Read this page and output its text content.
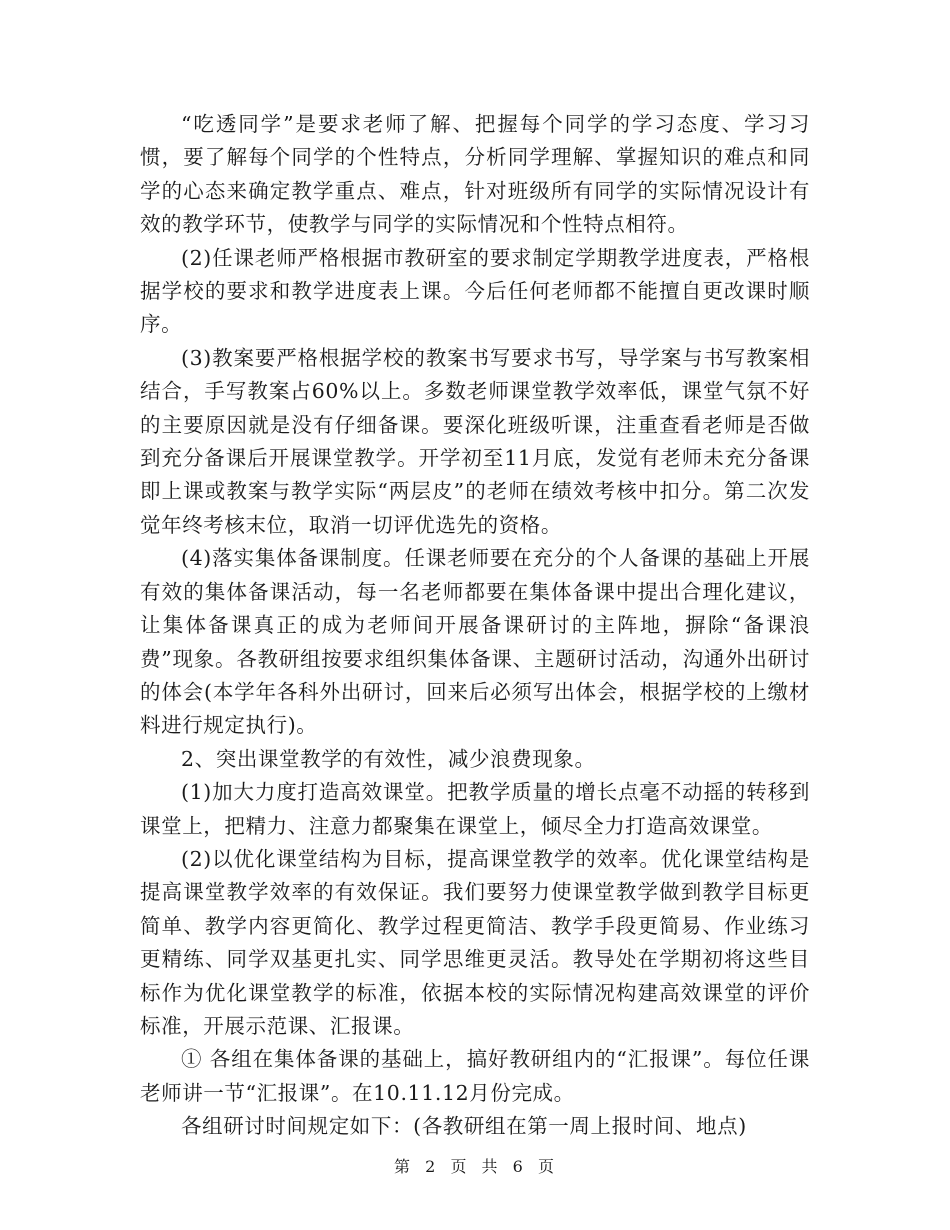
“吃透同学”是要求老师了解、把握每个同学的学习态度、学习习惯，要了解每个同学的个性特点，分析同学理解、掌握知识的难点和同学的心态来确定教学重点、难点，针对班级所有同学的实际情况设计有效的教学环节，使教学与同学的实际情况和个性特点相符。

(2)任课老师严格根据市教研室的要求制定学期教学进度表，严格根据学校的要求和教学进度表上课。今后任何老师都不能擅自更改课时顺序。

(3)教案要严格根据学校的教案书写要求书写，导学案与书写教案相结合，手写教案占60%以上。多数老师课堂教学效率低，课堂气氛不好的主要原因就是没有仔细备课。要深化班级听课，注重查看老师是否做到充分备课后开展课堂教学。开学初至11月底，发觉有老师未充分备课即上课或教案与教学实际“两层皮”的老师在绩效考核中扣分。第二次发觉年终考核末位，取消一切评优选先的资格。

(4)落实集体备课制度。任课老师要在充分的个人备课的基础上开展有效的集体备课活动，每一名老师都要在集体备课中提出合理化建议，让集体备课真正的成为老师间开展备课研讨的主阵地，摒除“备课浪费”现象。各教研组按要求组织集体备课、主题研讨活动，沟通外出研讨的体会(本学年各科外出研讨，回来后必须写出体会，根据学校的上缴材料进行规定执行)。

2、突出课堂教学的有效性，减少浪费现象。

(1)加大力度打造高效课堂。把教学质量的增长点毫不动摇的转移到课堂上，把精力、注意力都聚集在课堂上，倾尽全力打造高效课堂。

(2)以优化课堂结构为目标，提高课堂教学的效率。优化课堂结构是提高课堂教学效率的有效保证。我们要努力使课堂教学做到教学目标更简单、教学内容更简化、教学过程更简洁、教学手段更简易、作业练习更精练、同学双基更扎实、同学思维更灵活。教导处在学期初将这些目标作为优化课堂教学的标准，依据本校的实际情况构建高效课堂的评价标准，开展示范课、汇报课。

① 各组在集体备课的基础上，搞好教研组内的“汇报课”。每位任课老师讲一节“汇报课”。在10.11.12月份完成。

各组研讨时间规定如下：(各教研组在第一周上报时间、地点)

第 2 页 共 6 页
